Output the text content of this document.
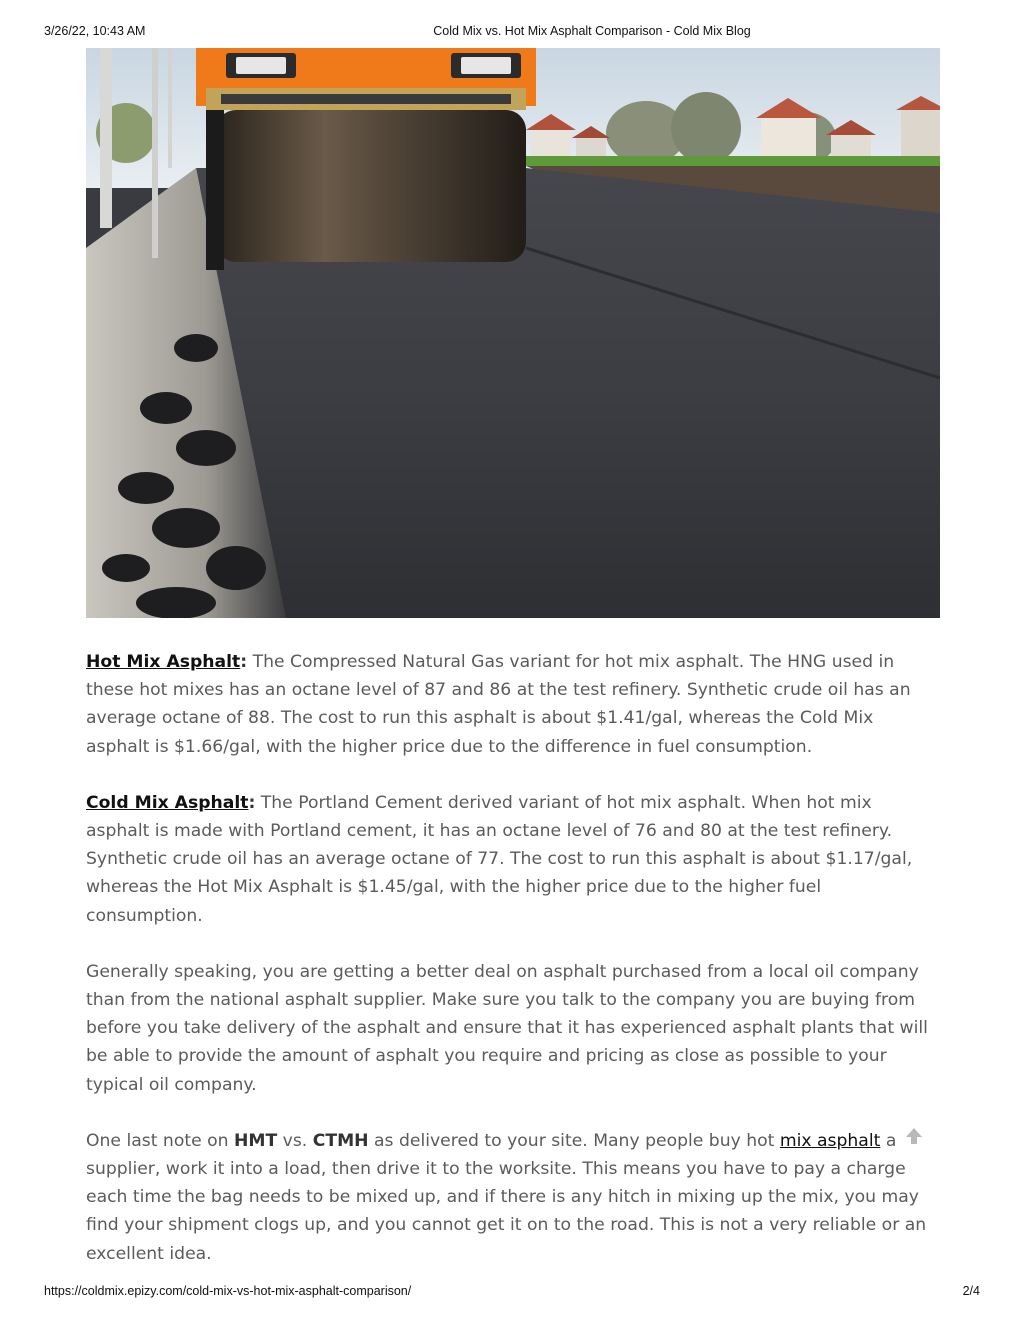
3/26/22, 10:43 AM	Cold Mix vs. Hot Mix Asphalt Comparison - Cold Mix Blog

Hot Mix Asphalt: The Compressed Natural Gas variant for hot mix asphalt. The HNG used in these hot mixes has an octane level of 87 and 86 at the test refinery. Synthetic crude oil has an average octane of 88. The cost to run this asphalt is about $1.41/gal, whereas the Cold Mix asphalt is $1.66/gal, with the higher price due to the difference in fuel consumption.

Cold Mix Asphalt: The Portland Cement derived variant of hot mix asphalt. When hot mix asphalt is made with Portland cement, it has an octane level of 76 and 80 at the test refinery. Synthetic crude oil has an average octane of 77. The cost to run this asphalt is about $1.17/gal, whereas the Hot Mix Asphalt is $1.45/gal, with the higher price due to the higher fuel consumption.

Generally speaking, you are getting a better deal on asphalt purchased from a local oil company than from the national asphalt supplier. Make sure you talk to the company you are buying from before you take delivery of the asphalt and ensure that it has experienced asphalt plants that will be able to provide the amount of asphalt you require and pricing as close as possible to your typical oil company.

One last note on HMT vs. CTMH as delivered to your site. Many people buy hot mix asphalt a supplier, work it into a load, then drive it to the worksite. This means you have to pay a charge each time the bag needs to be mixed up, and if there is any hitch in mixing up the mix, you may find your shipment clogs up, and you cannot get it on to the road. This is not a very reliable or an excellent idea.

https://coldmix.epizy.com/cold-mix-vs-hot-mix-asphalt-comparison/	2/4
